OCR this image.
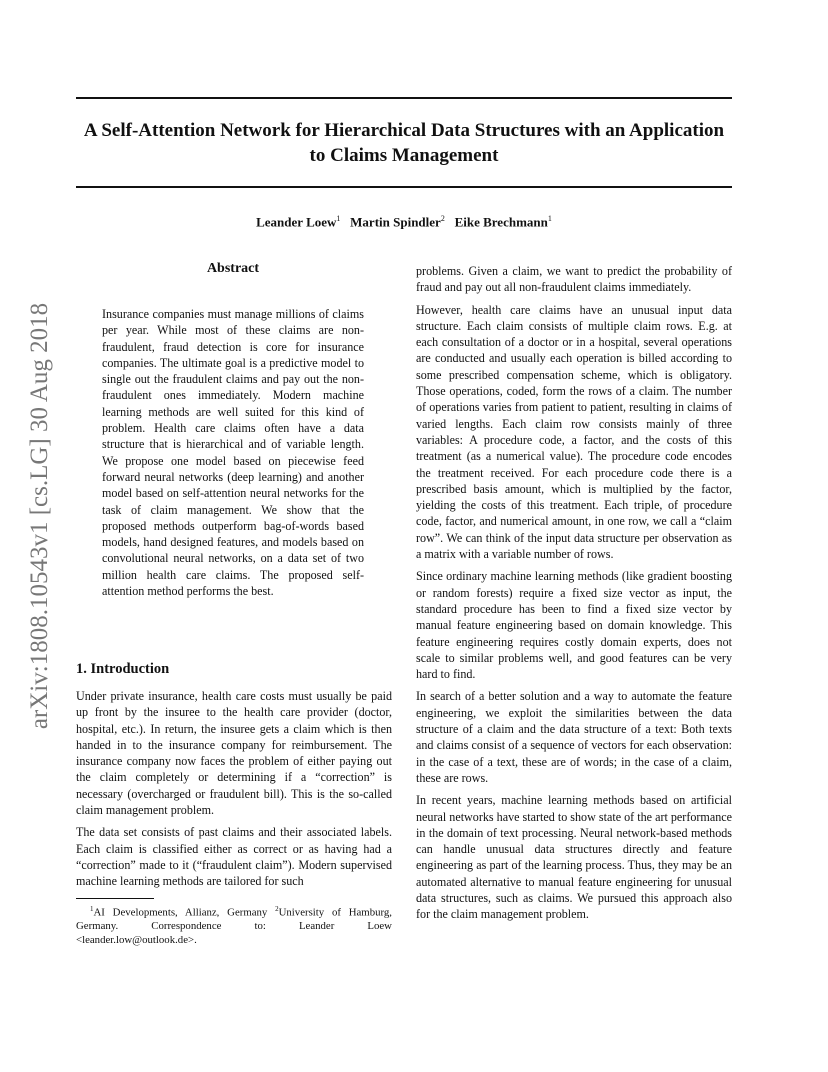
A Self-Attention Network for Hierarchical Data Structures with an Application
to Claims Management
Leander Loew$^1$ Martin Spindler$^2$ Eike Brechmann$^1$
arXiv:1808.10543v1 [cs.LG] 30 Aug 2018
Abstract

Insurance companies must manage millions of claims per year. While most of these claims are non-fraudulent, fraud detection is core for insurance companies. The ultimate goal is a predictive model to single out the fraudulent claims and pay out the non-fraudulent ones immediately. Modern machine learning methods are well suited for this kind of problem. Health care claims often have a data structure that is hierarchical and of variable length. We propose one model based on piecewise feed forward neural networks (deep learning) and another model based on self-attention neural networks for the task of claim management. We show that the proposed methods outperform bag-of-words based models, hand designed features, and models based on convolutional neural networks, on a data set of two million health care claims. The proposed self-attention method performs the best.

1. Introduction

Under private insurance, health care costs must usually be paid up front by the insuree to the health care provider (doctor, hospital, etc.). In return, the insuree gets a claim which is then handed in to the insurance company for reimbursement. The insurance company now faces the problem of either paying out the claim completely or determining if a “correction” is necessary (overcharged or fraudulent bill). This is the so-called claim management problem.

The data set consists of past claims and their associated labels. Each claim is classified either as correct or as having had a “correction” made to it (“fraudulent claim”). Modern supervised machine learning methods are tailored for such

$^1$AI Developments, Allianz, Germany $^2$University of Hamburg, Germany.	Correspondence to: Leander Loew <leander.low@outlook.de>.

problems. Given a claim, we want to predict the probability of fraud and pay out all non-fraudulent claims immediately.

However, health care claims have an unusual input data structure. Each claim consists of multiple claim rows. E.g. at each consultation of a doctor or in a hospital, several operations are conducted and usually each operation is billed according to some prescribed compensation scheme, which is obligatory. Those operations, coded, form the rows of a claim. The number of operations varies from patient to patient, resulting in claims of varied lengths. Each claim row consists mainly of three variables: A procedure code, a factor, and the costs of this treatment (as a numerical value). The procedure code encodes the treatment received. For each procedure code there is a prescribed basis amount, which is multiplied by the factor, yielding the costs of this treatment. Each triple, of procedure code, factor, and numerical amount, in one row, we call a “claim row”. We can think of the input data structure per observation as a matrix with a variable number of rows.

Since ordinary machine learning methods (like gradient boosting or random forests) require a fixed size vector as input, the standard procedure has been to find a fixed size vector by manual feature engineering based on domain knowledge. This feature engineering requires costly domain experts, does not scale to similar problems well, and good features can be very hard to find.

In search of a better solution and a way to automate the feature engineering, we exploit the similarities between the data structure of a claim and the data structure of a text: Both texts and claims consist of a sequence of vectors for each observation: in the case of a text, these are of words; in the case of a claim, these are rows.

In recent years, machine learning methods based on artificial neural networks have started to show state of the art performance in the domain of text processing. Neural network-based methods can handle unusual data structures directly and feature engineering as part of the learning process. Thus, they may be an automated alternative to manual feature engineering for unusual data structures, such as claims. We pursued this approach also for the claim management problem.
